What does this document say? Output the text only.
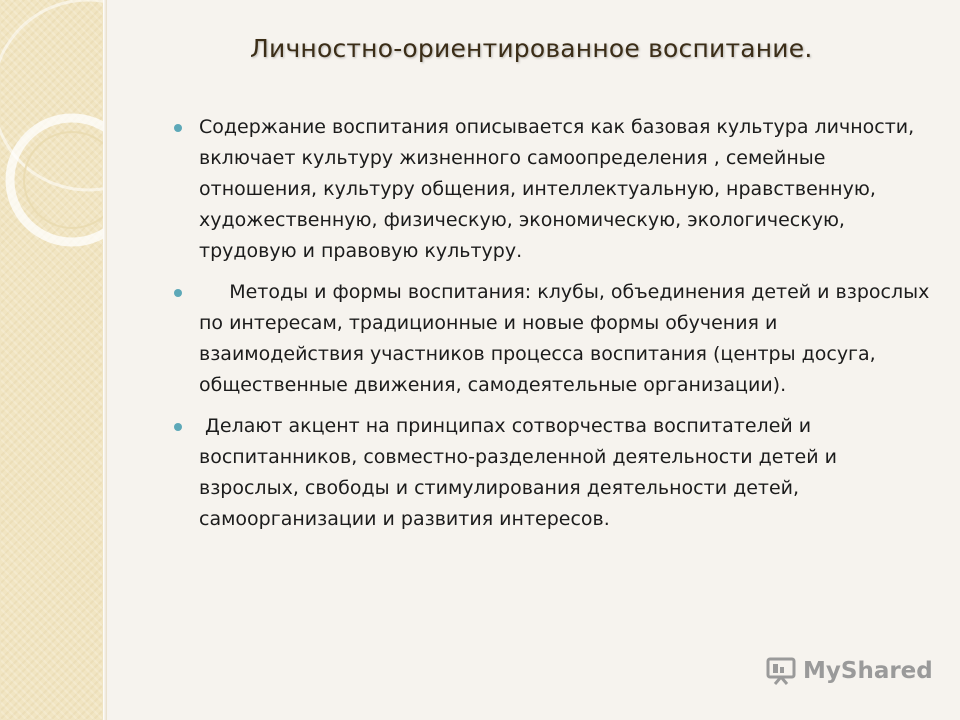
Личностно-ориентированное воспитание.
Содержание воспитания описывается как базовая культура личности, включает культуру жизненного самоопределения , семейные отношения, культуру общения, интеллектуальную, нравственную, художественную, физическую, экономическую, экологическую, трудовую и правовую культуру.
Методы и формы воспитания: клубы, объединения детей и взрослых по интересам, традиционные и новые формы обучения и взаимодействия участников процесса воспитания (центры досуга, общественные движения, самодеятельные организации).
Делают акцент на принципах сотворчества воспитателей и воспитанников, совместно-разделенной деятельности детей и взрослых, свободы и стимулирования деятельности детей, самоорганизации и развития интересов.
MyShared
